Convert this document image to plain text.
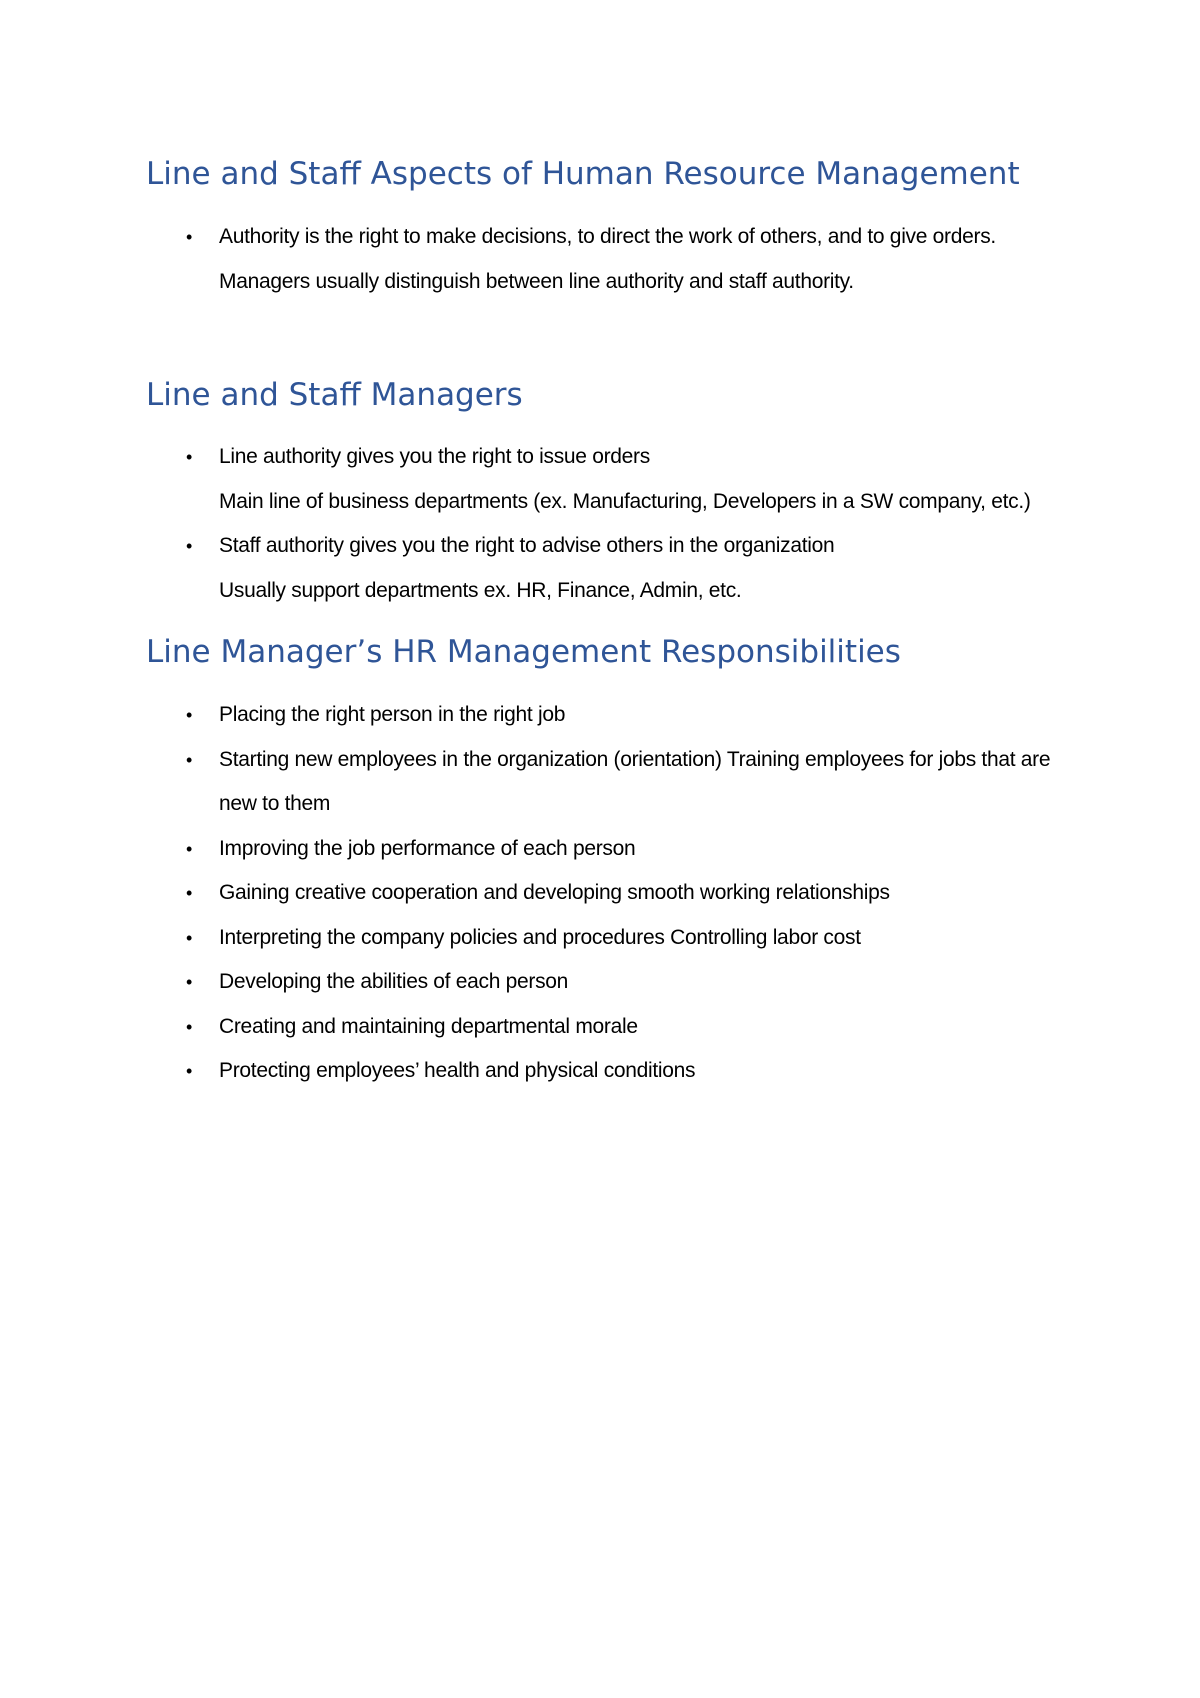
Line and Staff Aspects of Human Resource Management
• Authority is the right to make decisions, to direct the work of others, and to give orders. Managers usually distinguish between line authority and staff authority.
Line and Staff Managers
• Line authority gives you the right to issue orders
Main line of business departments (ex. Manufacturing, Developers in a SW company, etc.)
• Staff authority gives you the right to advise others in the organization
Usually support departments ex. HR, Finance, Admin, etc.
Line Manager’s HR Management Responsibilities
• Placing the right person in the right job
• Starting new employees in the organization (orientation) Training employees for jobs that are new to them
• Improving the job performance of each person
• Gaining creative cooperation and developing smooth working relationships
• Interpreting the company policies and procedures Controlling labor cost
• Developing the abilities of each person
• Creating and maintaining departmental morale
• Protecting employees’ health and physical conditions
